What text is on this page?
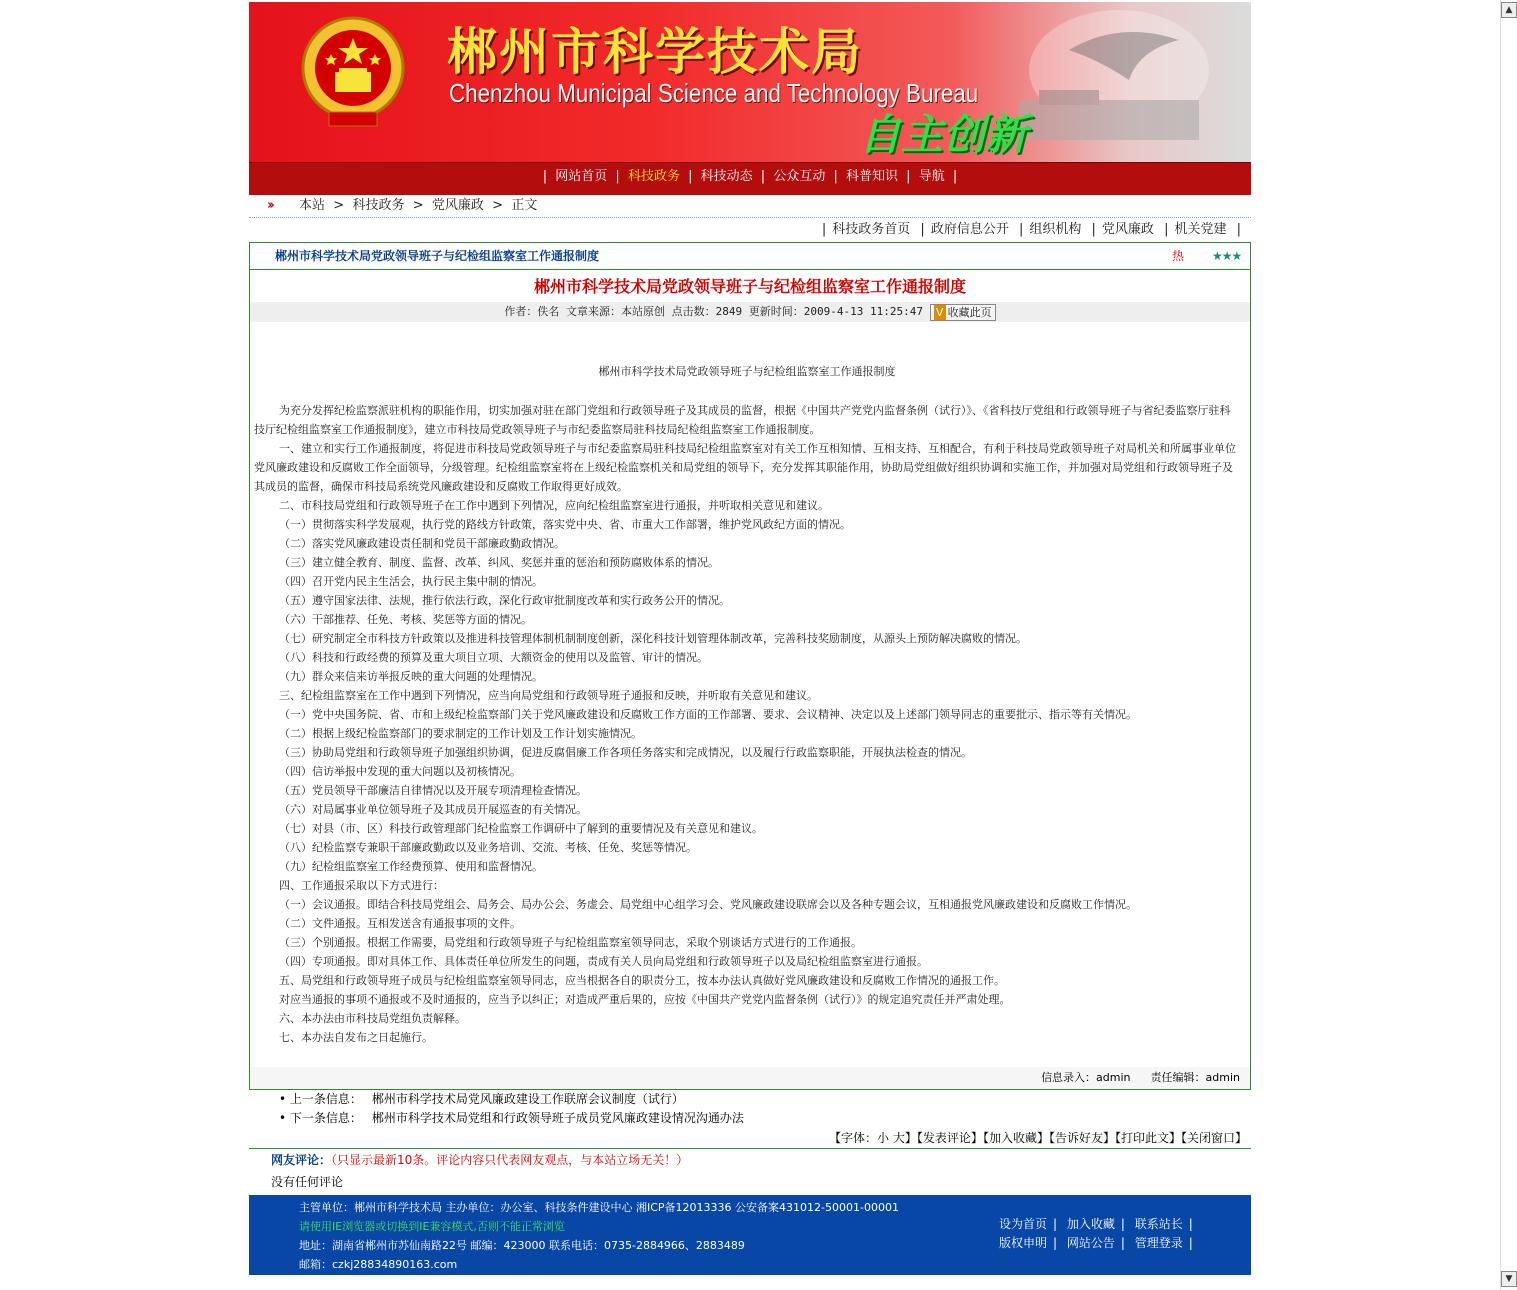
郴州市科学技术局
Chenzhou Municipal Science and Technology Bureau
自主创新
| 网站首页 | 科技政务 | 科技动态 | 公众互动 | 科普知识 | 导航 |
›› 本站 > 科技政务  >  党风廉政  >  正文
| 科技政务首页 | 政府信息公开 | 组织机构 | 党风廉政 | 机关党建 |
郴州市科学技术局党政领导班子与纪检组监察室工作通报制度	热 ★★★
郴州市科学技术局党政领导班子与纪检组监察室工作通报制度
作者：佚名 文章来源：本站原创 点击数：2849 更新时间：2009-4-13 11:25:47 V 收藏此页
郴州市科学技术局党政领导班子与纪检组监察室工作通报制度

为充分发挥纪检监察派驻机构的职能作用，切实加强对驻在部门党组和行政领导班子及其成员的监督，根据《中国共产党党内监督条例（试行）》、《省科技厅党组和行政领导班子与省纪委监察厅驻科技厅纪检组监察室工作通报制度》，建立市科技局党政领导班子与市纪委监察局驻科技局纪检组监察室工作通报制度。

一、建立和实行工作通报制度，将促进市科技局党政领导班子与市纪委监察局驻科技局纪检组监察室对有关工作互相知情、互相支持、互相配合，有利于科技局党政领导班子对局机关和所属事业单位党风廉政建设和反腐败工作全面领导，分级管理。纪检组监察室将在上级纪检监察机关和局党组的领导下，充分发挥其职能作用，协助局党组做好组织协调和实施工作，并加强对局党组和行政领导班子及其成员的监督，确保市科技局系统党风廉政建设和反腐败工作取得更好成效。

二、市科技局党组和行政领导班子在工作中遇到下列情况，应向纪检组监察室进行通报，并听取相关意见和建议。

（一）贯彻落实科学发展观，执行党的路线方针政策，落实党中央、省、市重大工作部署，维护党风政纪方面的情况。

（二）落实党风廉政建设责任制和党员干部廉政勤政情况。

（三）建立健全教育、制度、监督、改革、纠风、奖惩并重的惩治和预防腐败体系的情况。

（四）召开党内民主生活会，执行民主集中制的情况。

（五）遵守国家法律、法规，推行依法行政，深化行政审批制度改革和实行政务公开的情况。

（六）干部推荐、任免、考核、奖惩等方面的情况。

（七）研究制定全市科技方针政策以及推进科技管理体制机制制度创新，深化科技计划管理体制改革，完善科技奖励制度，从源头上预防解决腐败的情况。

（八）科技和行政经费的预算及重大项目立项、大额资金的使用以及监管、审计的情况。

（九）群众来信来访举报反映的重大问题的处理情况。

三、纪检组监察室在工作中遇到下列情况，应当向局党组和行政领导班子通报和反映，并听取有关意见和建议。

（一）党中央国务院、省、市和上级纪检监察部门关于党风廉政建设和反腐败工作方面的工作部署、要求、会议精神、决定以及上述部门领导同志的重要批示、指示等有关情况。

（二）根据上级纪检监察部门的要求制定的工作计划及工作计划实施情况。

（三）协助局党组和行政领导班子加强组织协调，促进反腐倡廉工作各项任务落实和完成情况，以及履行行政监察职能，开展执法检查的情况。

（四）信访举报中发现的重大问题以及初核情况。

（五）党员领导干部廉洁自律情况以及开展专项清理检查情况。

（六）对局属事业单位领导班子及其成员开展巡查的有关情况。

（七）对县（市、区）科技行政管理部门纪检监察工作调研中了解到的重要情况及有关意见和建议。

（八）纪检监察专兼职干部廉政勤政以及业务培训、交流、考核、任免、奖惩等情况。

（九）纪检组监察室工作经费预算、使用和监督情况。

四、工作通报采取以下方式进行：

（一）会议通报。即结合科技局党组会、局务会、局办公会、务虚会、局党组中心组学习会、党风廉政建设联席会以及各种专题会议，互相通报党风廉政建设和反腐败工作情况。

（二）文件通报。互相发送含有通报事项的文件。

（三）个别通报。根据工作需要，局党组和行政领导班子与纪检组监察室领导同志，采取个别谈话方式进行的工作通报。

（四）专项通报。即对具体工作、具体责任单位所发生的问题，责成有关人员向局党组和行政领导班子以及局纪检组监察室进行通报。

五、局党组和行政领导班子成员与纪检组监察室领导同志，应当根据各自的职责分工，按本办法认真做好党风廉政建设和反腐败工作情况的通报工作。

对应当通报的事项不通报或不及时通报的，应当予以纠正；对造成严重后果的，应按《中国共产党党内监督条例（试行）》的规定追究责任并严肃处理。

六、本办法由市科技局党组负责解释。

七、本办法自发布之日起施行。

信息录入：admin 责任编辑：admin
• 上一条信息： 郴州市科学技术局党风廉政建设工作联席会议制度（试行）
• 下一条信息： 郴州市科学技术局党组和行政领导班子成员党风廉政建设情况沟通办法
【字体：小 大】【发表评论】【加入收藏】【告诉好友】【打印此文】【关闭窗口】
网友评论：（只显示最新10条。评论内容只代表网友观点，与本站立场无关！）
没有任何评论
主管单位：郴州市科学技术局 主办单位：办公室、科技条件建设中心 湘ICP备12013336 公安备案431012-50001-00001
请使用IE浏览器或切换到IE兼容模式,否则不能正常浏览
地址：湖南省郴州市苏仙南路22号 邮编：423000 联系电话：0735-2884966、2883489
邮箱：czkj28834890163.com
设为首页 | 加入收藏 | 联系站长 |
版权申明 | 网站公告 | 管理登录 |
▲
▼
